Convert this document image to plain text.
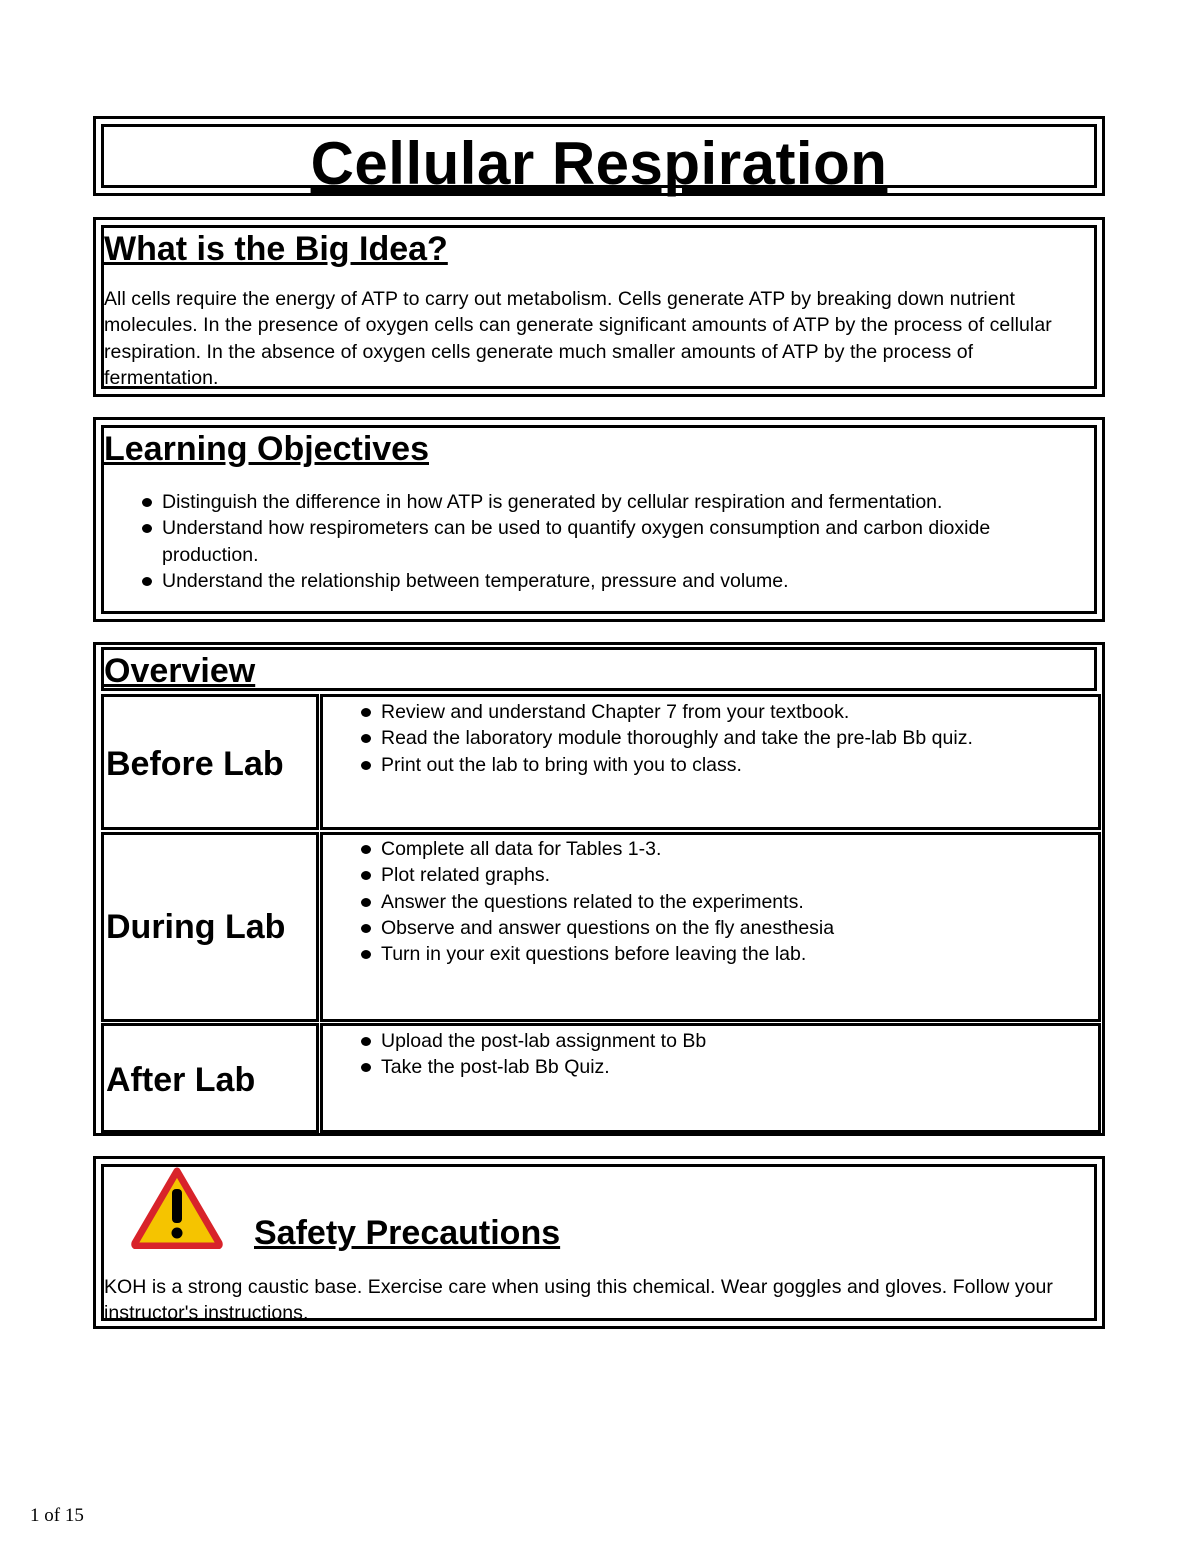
Cellular Respiration
What is the Big Idea?
All cells require the energy of ATP to carry out metabolism. Cells generate ATP by breaking down nutrient molecules. In the presence of oxygen cells can generate significant amounts of ATP by the process of cellular respiration. In the absence of oxygen cells generate much smaller amounts of ATP by the process of fermentation.
Learning Objectives
Distinguish the difference in how ATP is generated by cellular respiration and fermentation.
Understand how respirometers can be used to quantify oxygen consumption and carbon dioxide production.
Understand the relationship between temperature, pressure and volume.
Overview
Before Lab
Review and understand Chapter 7 from your textbook.
Read the laboratory module thoroughly and take the pre-lab Bb quiz.
Print out the lab to bring with you to class.
During Lab
Complete all data for Tables 1-3.
Plot related graphs.
Answer the questions related to the experiments.
Observe and answer questions on the fly anesthesia
Turn in your exit questions before leaving the lab.
After Lab
Upload the post-lab assignment to Bb
Take the post-lab Bb Quiz.
Safety Precautions
KOH is a strong caustic base. Exercise care when using this chemical. Wear goggles and gloves. Follow your instructor's instructions.
1 of 15
